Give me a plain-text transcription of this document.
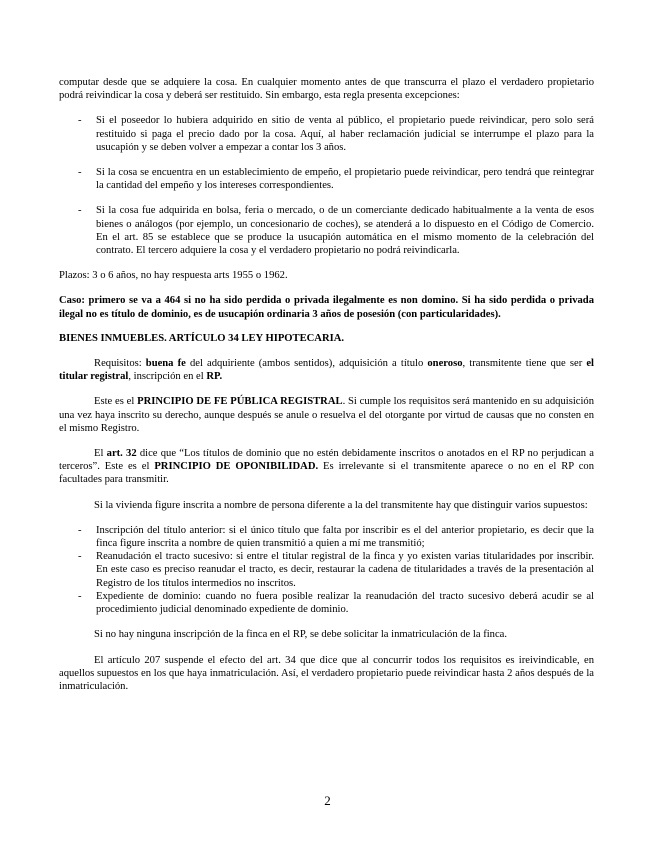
computar desde que se adquiere la cosa. En cualquier momento antes de que transcurra el plazo el verdadero propietario podrá reivindicar la cosa y deberá ser restituido. Sin embargo, esta regla presenta excepciones:

- Si el poseedor lo hubiera adquirido en sitio de venta al público, el propietario puede reivindicar, pero solo será restituido si paga el precio dado por la cosa. Aquí, al haber reclamación judicial se interrumpe el plazo para la usucapión y se deben volver a empezar a contar los 3 años.
- Si la cosa se encuentra en un establecimiento de empeño, el propietario puede reivindicar, pero tendrá que reintegrar la cantidad del empeño y los intereses correspondientes.
- Si la cosa fue adquirida en bolsa, feria o mercado, o de un comerciante dedicado habitualmente a la venta de esos bienes o análogos (por ejemplo, un concesionario de coches), se atenderá a lo dispuesto en el Código de Comercio. En el art. 85 se establece que se produce la usucapión automática en el mismo momento de la celebración del contrato. El tercero adquiere la cosa y el verdadero propietario no podrá reivindicarla.

Plazos: 3 o 6 años, no hay respuesta arts 1955 o 1962.

Caso: primero se va a 464 si no ha sido perdida o privada ilegalmente es non domino. Si ha sido perdida o privada ilegal no es título de dominio, es de usucapión ordinaria 3 años de posesión (con particularidades).

BIENES INMUEBLES. ARTÍCULO 34 LEY HIPOTECARIA.

Requisitos: buena fe del adquiriente (ambos sentidos), adquisición a título oneroso, transmitente tiene que ser el titular registral, inscripción en el RP.

Este es el PRINCIPIO DE FE PÚBLICA REGISTRAL. Si cumple los requisitos será mantenido en su adquisición una vez haya inscrito su derecho, aunque después se anule o resuelva el del otorgante por virtud de causas que no consten en el mismo Registro.

El art. 32 dice que “Los títulos de dominio que no estén debidamente inscritos o anotados en el RP no perjudican a terceros”. Este es el PRINCIPIO DE OPONIBILIDAD. Es irrelevante si el transmitente aparece o no en el RP con facultades para transmitir.

Si la vivienda figure inscrita a nombre de persona diferente a la del transmitente hay que distinguir varios supuestos:

- Inscripción del título anterior: si el único título que falta por inscribir es el del anterior propietario, es decir que la finca figure inscrita a nombre de quien transmitió a quien a mí me transmitió;
- Reanudación el tracto sucesivo: si entre el titular registral de la finca y yo existen varias titularidades por inscribir. En este caso es preciso reanudar el tracto, es decir, restaurar la cadena de titularidades a través de la presentación al Registro de los títulos intermedios no inscritos.
- Expediente de dominio: cuando no fuera posible realizar la reanudación del tracto sucesivo deberá acudir se al procedimiento judicial denominado expediente de dominio.

Si no hay ninguna inscripción de la finca en el RP, se debe solicitar la inmatriculación de la finca.

El artículo 207 suspende el efecto del art. 34 que dice que al concurrir todos los requisitos es ireivindicable, en aquellos supuestos en los que haya inmatriculación. Así, el verdadero propietario puede reivindicar hasta 2 años después de la inmatriculación.

2
